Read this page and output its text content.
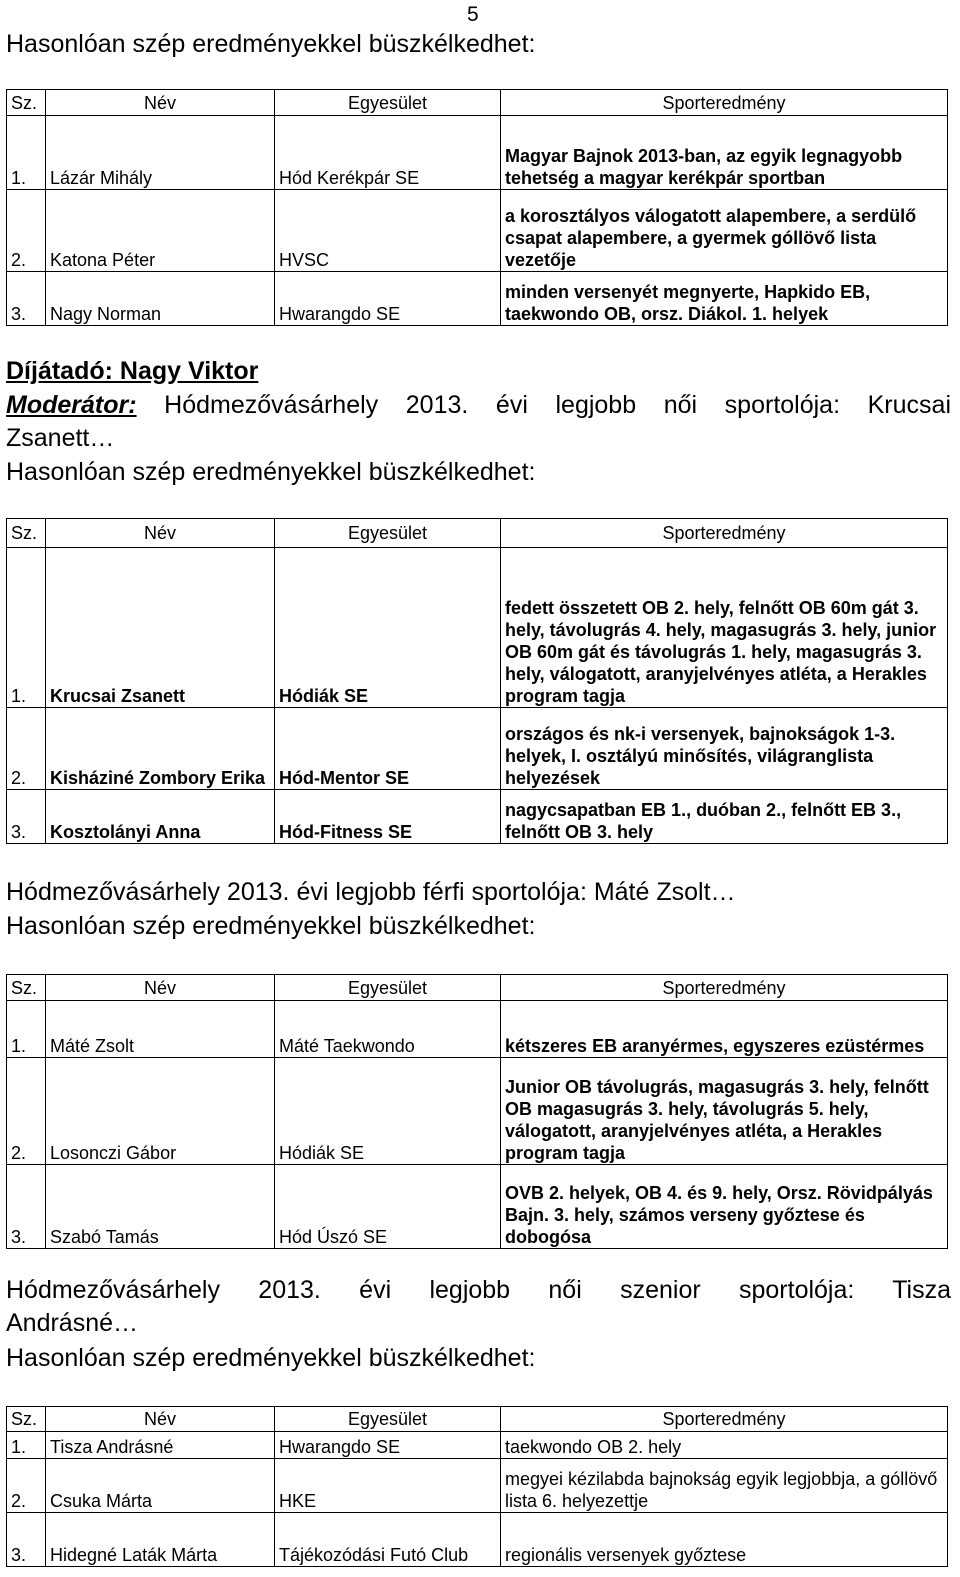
5
Hasonlóan szép eredményekkel büszkélkedhet:
Sz.	Név	Egyesület	Sporteredmény
1.	Lázár Mihály	Hód Kerékpár SE	Magyar Bajnok 2013-ban, az egyik legnagyobb tehetség a magyar kerékpár sportban
2.	Katona Péter	HVSC	a korosztályos válogatott alapembere, a serdülő csapat alapembere, a gyermek góllövő lista vezetője
3.	Nagy Norman	Hwarangdo SE	minden versenyét megnyerte, Hapkido EB, taekwondo OB, orsz. Diákol. 1. helyek
Díjátadó: Nagy Viktor
Moderátor: Hódmezővásárhely 2013. évi legjobb női sportolója: Krucsai
Zsanett…
Hasonlóan szép eredményekkel büszkélkedhet:
Sz.	Név	Egyesület	Sporteredmény
1.	Krucsai Zsanett	Hódiák SE	fedett összetett OB 2. hely, felnőtt OB 60m gát 3. hely, távolugrás 4. hely, magasugrás 3. hely, junior OB 60m gát és távolugrás 1. hely, magasugrás 3. hely, válogatott, aranyjelvényes atléta, a Herakles program tagja
2.	Kisháziné Zombory Erika	Hód-Mentor SE	országos és nk-i versenyek, bajnokságok 1-3. helyek, I. osztályú minősítés, világranglista helyezések
3.	Kosztolányi Anna	Hód-Fitness SE	nagycsapatban EB 1., duóban 2., felnőtt EB 3., felnőtt OB 3. hely
Hódmezővásárhely 2013. évi legjobb férfi sportolója: Máté Zsolt…
Hasonlóan szép eredményekkel büszkélkedhet:
Sz.	Név	Egyesület	Sporteredmény
1.	Máté Zsolt	Máté Taekwondo	kétszeres EB aranyérmes, egyszeres ezüstérmes
2.	Losonczi Gábor	Hódiák SE	Junior OB távolugrás, magasugrás 3. hely, felnőtt OB magasugrás 3. hely, távolugrás 5. hely, válogatott, aranyjelvényes atléta, a Herakles program tagja
3.	Szabó Tamás	Hód Úszó SE	OVB 2. helyek, OB 4. és 9. hely, Orsz. Rövidpályás Bajn. 3. hely, számos verseny győztese és dobogósa
Hódmezővásárhely 2013. évi legjobb női szenior sportolója: Tisza
Andrásné…
Hasonlóan szép eredményekkel büszkélkedhet:
Sz.	Név	Egyesület	Sporteredmény
1.	Tisza Andrásné	Hwarangdo SE	taekwondo OB 2. hely
2.	Csuka Márta	HKE	megyei kézilabda bajnokság egyik legjobbja, a góllövő lista 6. helyezettje
3.	Hidegné Laták Márta	Tájékozódási Futó Club	regionális versenyek győztese
